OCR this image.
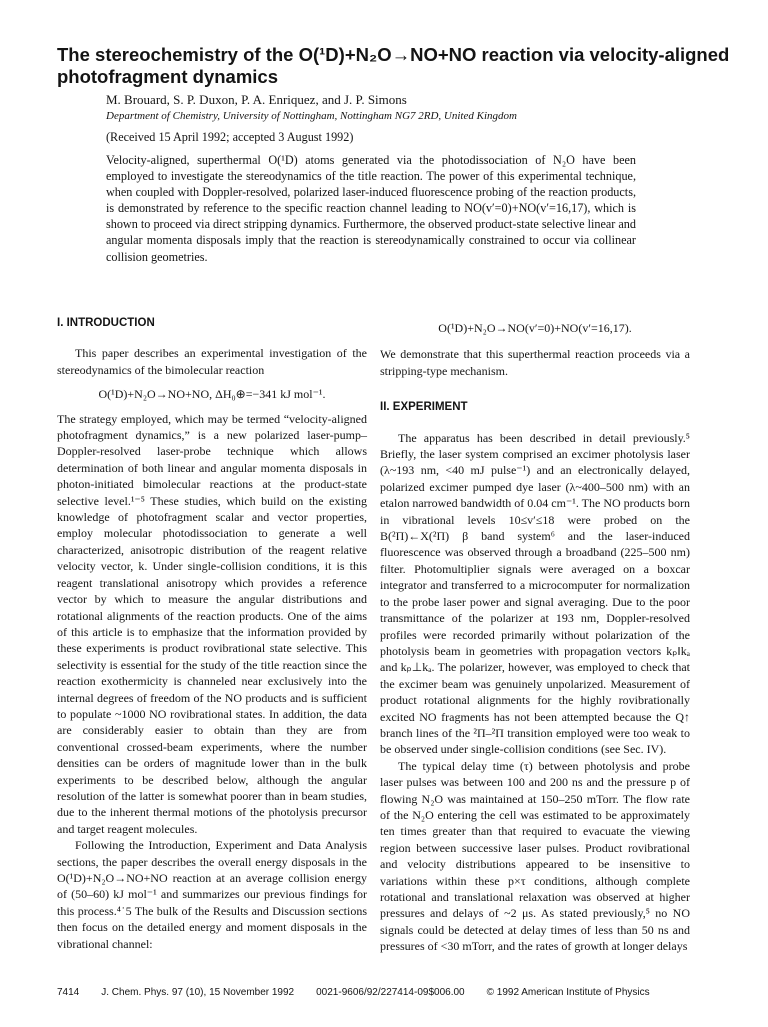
The stereochemistry of the O(¹D)+N₂O→NO+NO reaction via velocity-aligned photofragment dynamics

M. Brouard, S. P. Duxon, P. A. Enriquez, and J. P. Simons

Department of Chemistry, University of Nottingham, Nottingham NG7 2RD, United Kingdom

(Received 15 April 1992; accepted 3 August 1992)

Velocity-aligned, superthermal O(¹D) atoms generated via the photodissociation of N₂O have been employed to investigate the stereodynamics of the title reaction. The power of this experimental technique, when coupled with Doppler-resolved, polarized laser-induced fluorescence probing of the reaction products, is demonstrated by reference to the specific reaction channel leading to NO(v′=0)+NO(v′=16,17), which is shown to proceed via direct stripping dynamics. Furthermore, the observed product-state selective linear and angular momenta disposals imply that the reaction is stereodynamically constrained to occur via collinear collision geometries.

I. INTRODUCTION

This paper describes an experimental investigation of the stereodynamics of the bimolecular reaction

O(¹D)+N₂O→NO+NO, ΔH₀⊕=−341 kJ mol⁻¹.

The strategy employed, which may be termed “velocity-aligned photofragment dynamics,” is a new polarized laser-pump–Doppler-resolved laser-probe technique which allows determination of both linear and angular momenta disposals in photon-initiated bimolecular reactions at the product-state selective level.¹⁻⁵ These studies, which build on the existing knowledge of photofragment scalar and vector properties, employ molecular photodissociation to generate a well characterized, anisotropic distribution of the reagent relative velocity vector, k. Under single-collision conditions, it is this reagent translational anisotropy which provides a reference vector by which to measure the angular distributions and rotational alignments of the reaction products. One of the aims of this article is to emphasize that the information provided by these experiments is product rovibrational state selective. This selectivity is essential for the study of the title reaction since the reaction exothermicity is channeled near exclusively into the internal degrees of freedom of the NO products and is sufficient to populate ~1000 NO rovibrational states. In addition, the data are considerably easier to obtain than they are from conventional crossed-beam experiments, where the number densities can be orders of magnitude lower than in the bulk experiments to be described below, although the angular resolution of the latter is somewhat poorer than in beam studies, due to the inherent thermal motions of the photolysis precursor and target reagent molecules.

Following the Introduction, Experiment and Data Analysis sections, the paper describes the overall energy disposals in the O(¹D)+N₂O→NO+NO reaction at an average collision energy of (50–60) kJ mol⁻¹ and summarizes our previous findings for this process.⁴˙5 The bulk of the Results and Discussion sections then focus on the detailed energy and moment disposals in the vibrational channel:

O(¹D)+N₂O→NO(v′=0)+NO(v′=16,17).

We demonstrate that this superthermal reaction proceeds via a stripping-type mechanism.

II. EXPERIMENT

The apparatus has been described in detail previously.⁵ Briefly, the laser system comprised an excimer photolysis laser (λ~193 nm, <40 mJ pulse⁻¹) and an electronically delayed, polarized excimer pumped dye laser (λ~400–500 nm) with an etalon narrowed bandwidth of 0.04 cm⁻¹. The NO products born in vibrational levels 10≤v′≤18 were probed on the B(²Π)←X(²Π) β band system⁶ and the laser-induced fluorescence was observed through a broadband (225–500 nm) filter. Photomultiplier signals were averaged on a boxcar integrator and transferred to a microcomputer for normalization to the probe laser power and signal averaging. Due to the poor transmittance of the polarizer at 193 nm, Doppler-resolved profiles were recorded primarily without polarization of the photolysis beam in geometries with propagation vectors kₚ‖kₐ and kₚ⊥kₐ. The polarizer, however, was employed to check that the excimer beam was genuinely unpolarized. Measurement of product rotational alignments for the highly rovibrationally excited NO fragments has not been attempted because the Q↑ branch lines of the ²Π–²Π transition employed were too weak to be observed under single-collision conditions (see Sec. IV).

The typical delay time (τ) between photolysis and probe laser pulses was between 100 and 200 ns and the pressure p of flowing N₂O was maintained at 150–250 mTorr. The flow rate of the N₂O entering the cell was estimated to be approximately ten times greater than that required to evacuate the viewing region between successive laser pulses. Product rovibrational and velocity distributions appeared to be insensitive to variations within these p×τ conditions, although complete rotational and translational relaxation was observed at higher pressures and delays of ~2 μs. As stated previously,⁵ no NO signals could be detected at delay times of less than 50 ns and pressures of <30 mTorr, and the rates of growth at longer delays

7414 J. Chem. Phys. 97 (10), 15 November 1992 0021-9606/92/227414-09$006.00 © 1992 American Institute of Physics
